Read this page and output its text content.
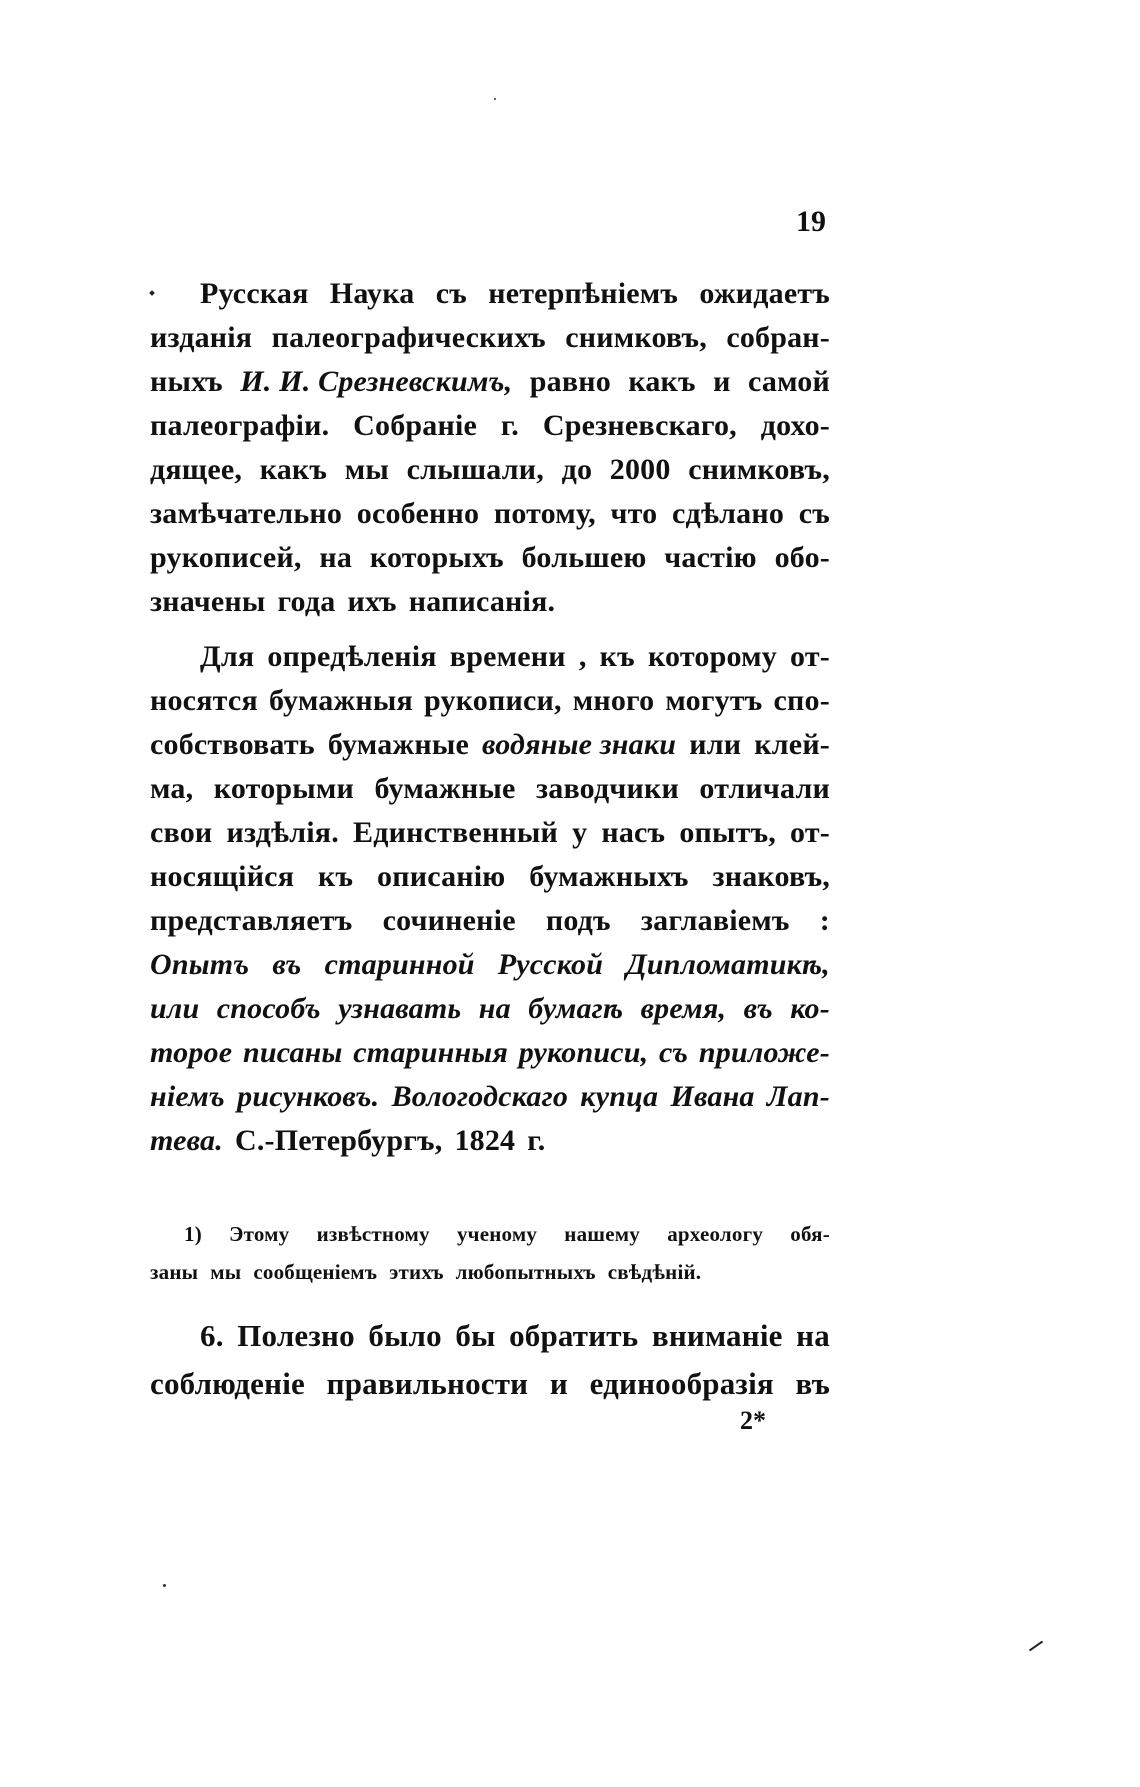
19
Русская Наука съ нетерпѣніемъ ожидаетъ
изданія палеографическихъ снимковъ, собран-
ныхъ И. И. Срезневскимъ, равно какъ и самой
палеографіи. Собраніе г. Срезневскаго, дохо-
дящее, какъ мы слышали, до 2000 снимковъ,
замѣчательно особенно потому, что сдѣлано съ
рукописей, на которыхъ большею частію обо-
значены года ихъ написанія.
Для опредѣленія времени , къ которому от-
носятся бумажныя рукописи, много могутъ спо-
собствовать бумажные водяные знаки или клей-
ма, которыми бумажные заводчики отличали
свои издѣлія. Единственный у насъ опытъ, от-
носящійся къ описанію бумажныхъ знаковъ,
представляетъ сочиненіе подъ заглавіемъ :
Опытъ въ старинной Русской Дипломатикѣ,
или способъ узнавать на бумагѣ время, въ ко-
торое писаны старинныя рукописи, съ приложе-
ніемъ рисунковъ. Вологодскаго купца Ивана Лап-
тева. С.-Петербургъ, 1824 г.
1) Этому извѣстному ученому нашему археологу обя-
заны мы сообщеніемъ этихъ любопытныхъ свѣдѣній.
6. Полезно было бы обратить вниманіе на
соблюденіе правильности и единообразія въ
2*
